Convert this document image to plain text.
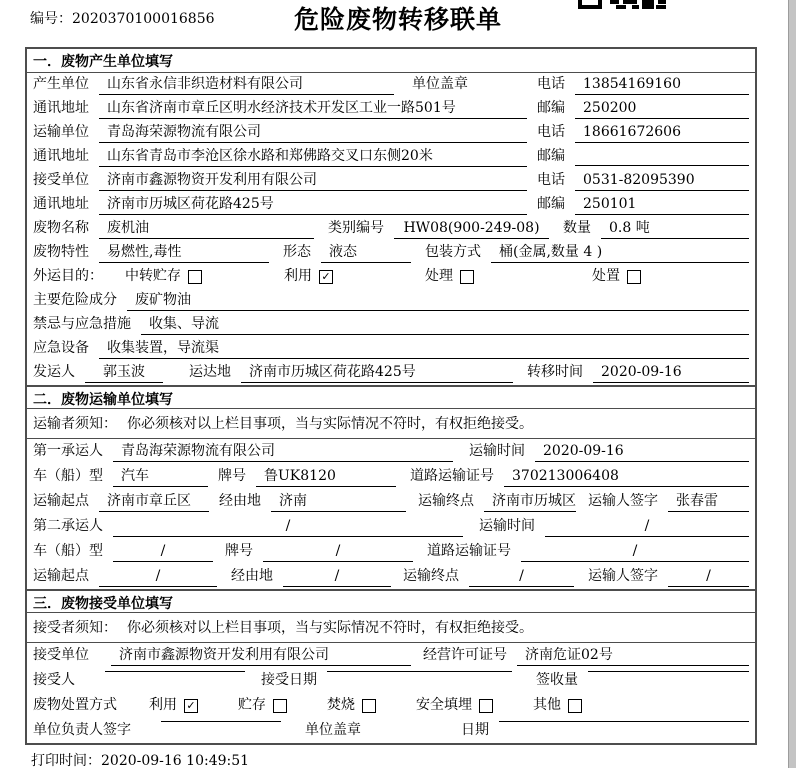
编号：2020370100016856	危险废物转移联单
一．废物产生单位填写
产生单位	山东省永信非织造材料有限公司	单位盖章	电话	13854169160
通讯地址	山东省济南市章丘区明水经济技术开发区工业一路501号	邮编	250200
运输单位	青岛海荣源物流有限公司	电话	18661672606
通讯地址	山东省青岛市李沧区徐水路和郑佛路交叉口东侧20米	邮编
接受单位	济南市鑫源物资开发利用有限公司	电话	0531-82095390
通讯地址	济南市历城区荷花路425号	邮编	250101
废物名称	废机油	类别编号	HW08(900-249-08)	数量	0.8 吨
废物特性	易燃性,毒性	形态	液态	包装方式	桶(金属,数量 4 )
外运目的： 中转贮存	利用 ✓	处理	处置
主要危险成分	废矿物油
禁忌与应急措施	收集、导流
应急设备	收集装置，导流渠
发运人	郭玉波	运达地	济南市历城区荷花路425号	转移时间	2020-09-16
二．废物运输单位填写
运输者须知： 你必须核对以上栏目事项，当与实际情况不符时，有权拒绝接受。
第一承运人	青岛海荣源物流有限公司	运输时间	2020-09-16
车（船）型	汽车	牌号	鲁UK8120	道路运输证号	370213006408
运输起点	济南市章丘区	经由地	济南	运输终点	济南市历城区 运输人签字	张春雷
第二承运人	/	运输时间	/
车（船）型	/	牌号	/	道路运输证号	/
运输起点	/	经由地	/	运输终点	/	运输人签字	/
三．废物接受单位填写
接受者须知： 你必须核对以上栏目事项，当与实际情况不符时，有权拒绝接受。
接受单位	济南市鑫源物资开发利用有限公司	经营许可证号	济南危证02号
接受人	接受日期	签收量
废物处置方式 利用 ✓	贮存	焚烧	安全填埋	其他
单位负责人签字	单位盖章	日期
打印时间：2020-09-16 10:49:51
